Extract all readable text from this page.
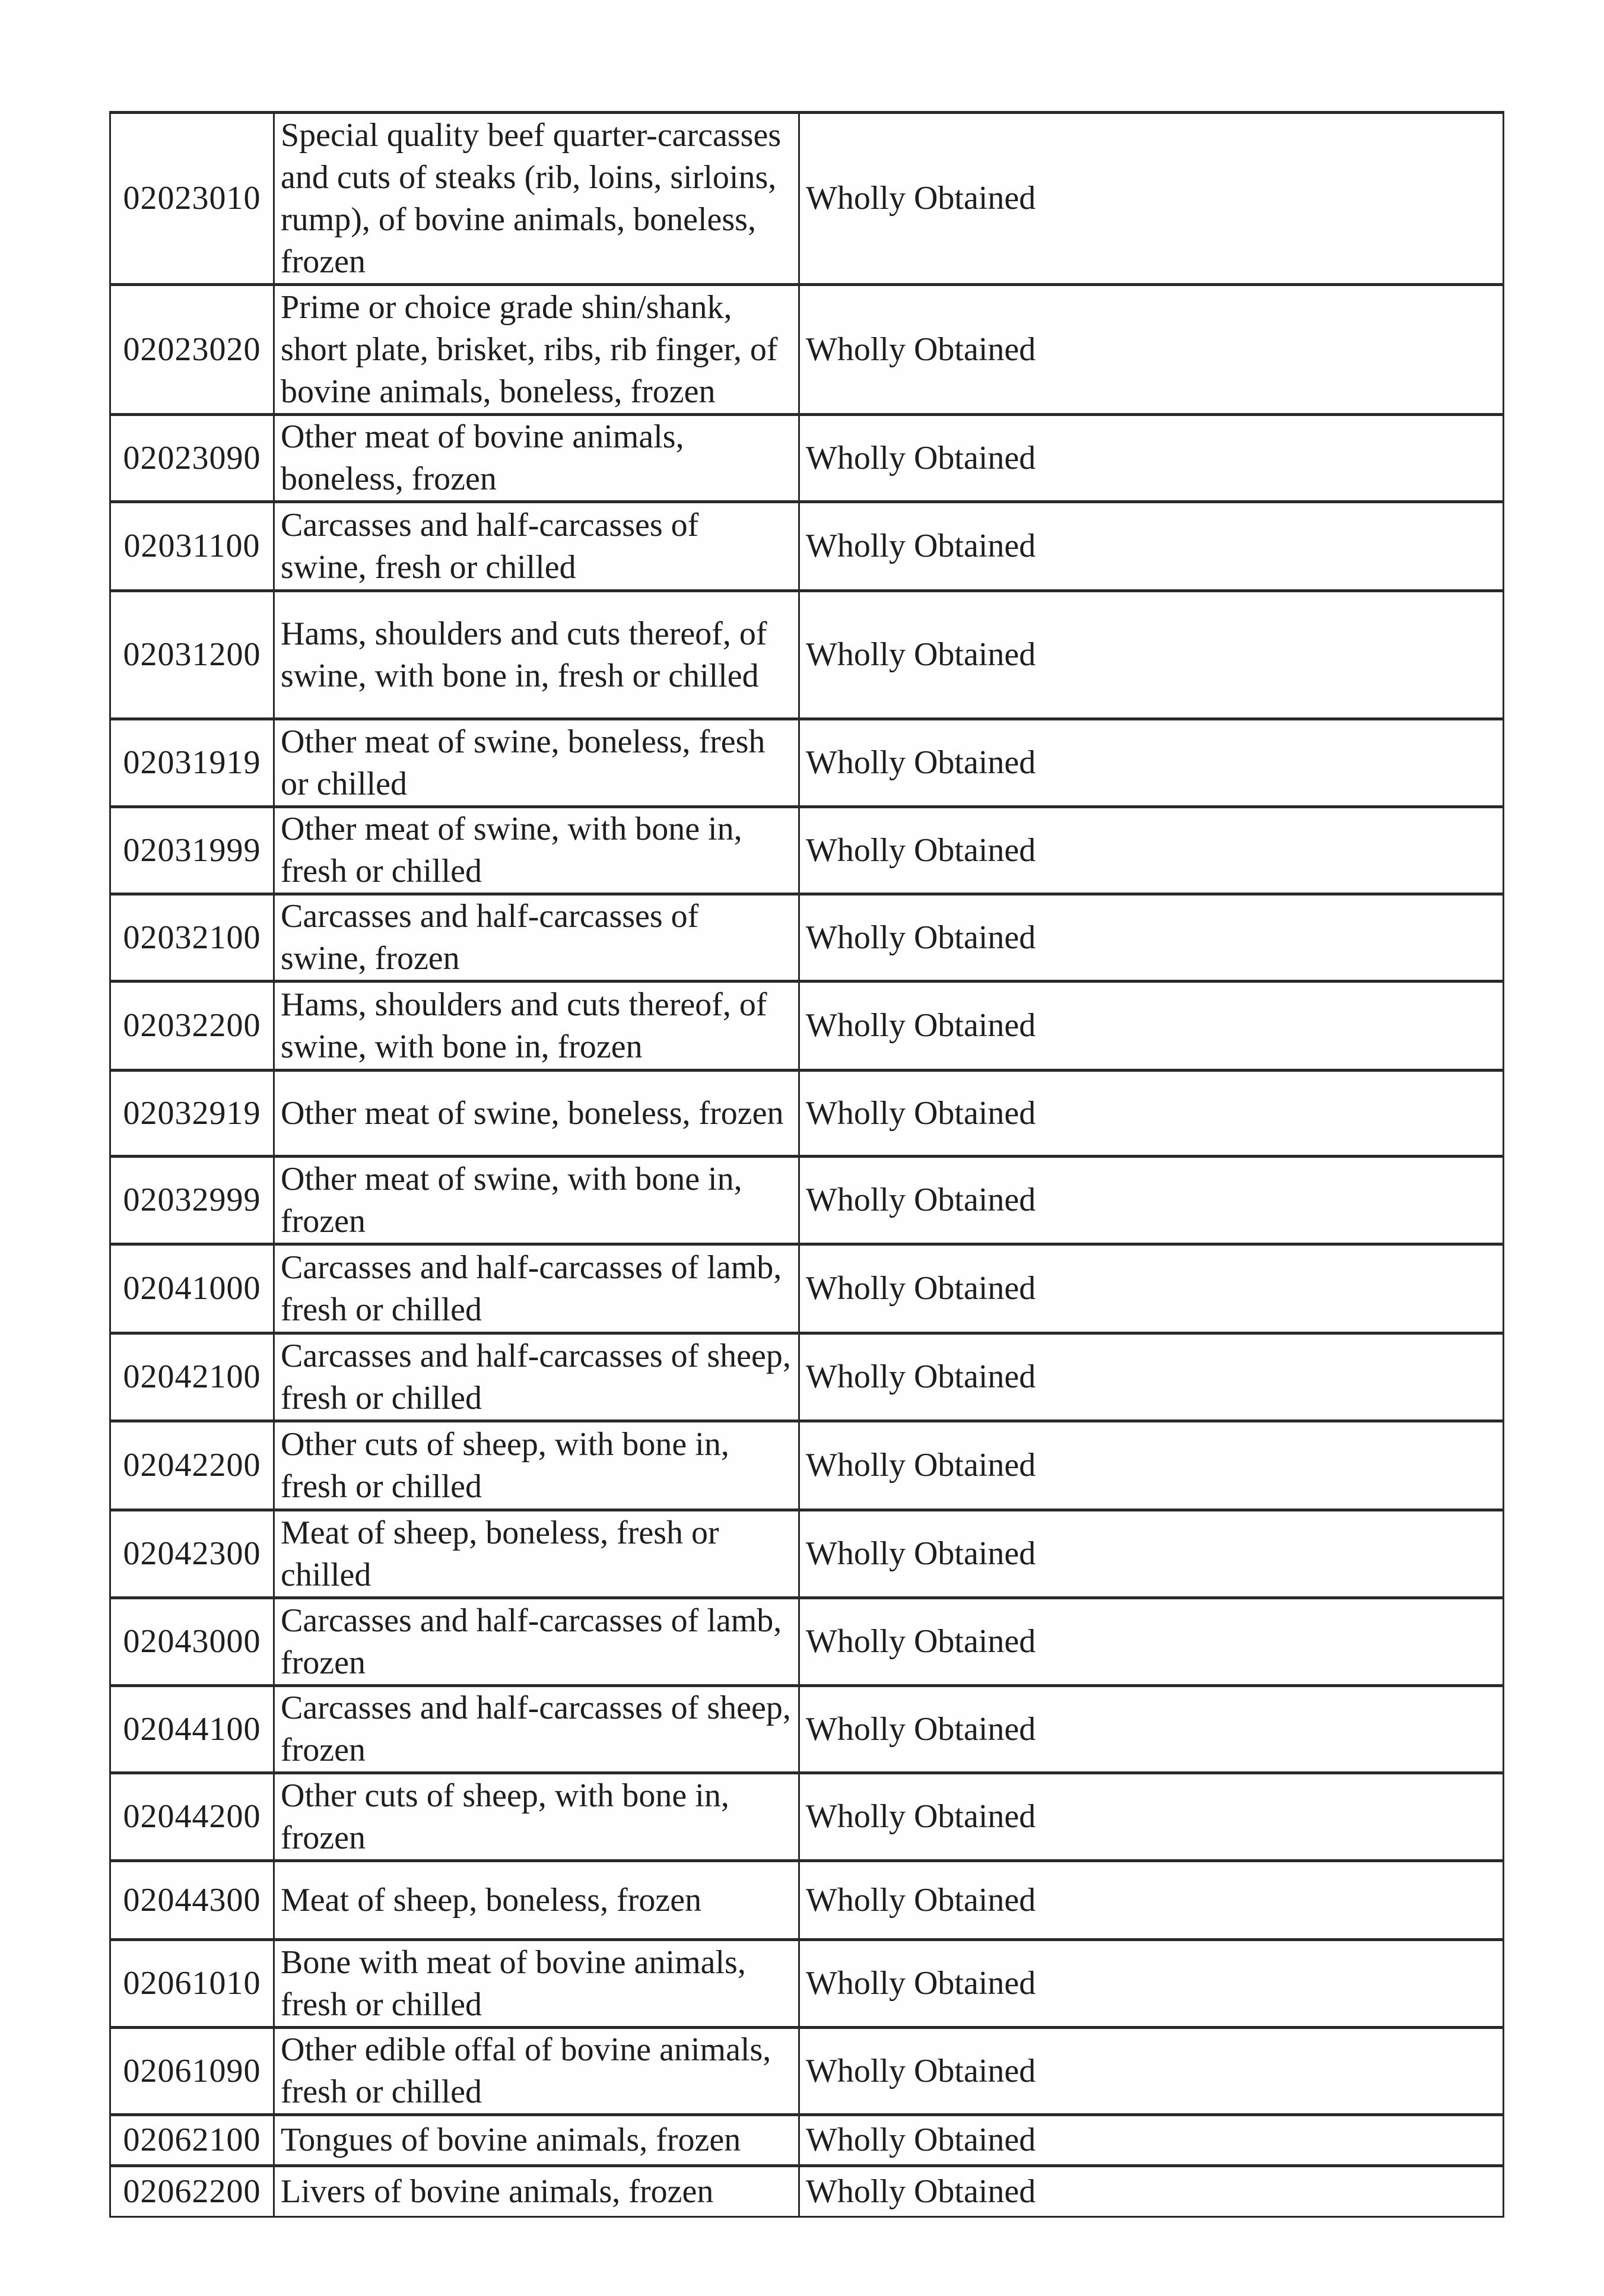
02023010	Special quality beef quarter-carcasses and cuts of steaks (rib, loins, sirloins, rump), of bovine animals, boneless, frozen	Wholly Obtained
02023020	Prime or choice grade shin/shank, short plate, brisket, ribs, rib finger, of bovine animals, boneless, frozen	Wholly Obtained
02023090	Other meat of bovine animals, boneless, frozen	Wholly Obtained
02031100	Carcasses and half-carcasses of swine, fresh or chilled	Wholly Obtained
02031200	Hams, shoulders and cuts thereof, of swine, with bone in, fresh or chilled	Wholly Obtained
02031919	Other meat of swine, boneless, fresh or chilled	Wholly Obtained
02031999	Other meat of swine, with bone in, fresh or chilled	Wholly Obtained
02032100	Carcasses and half-carcasses of swine, frozen	Wholly Obtained
02032200	Hams, shoulders and cuts thereof, of swine, with bone in, frozen	Wholly Obtained
02032919	Other meat of swine, boneless, frozen	Wholly Obtained
02032999	Other meat of swine, with bone in, frozen	Wholly Obtained
02041000	Carcasses and half-carcasses of lamb, fresh or chilled	Wholly Obtained
02042100	Carcasses and half-carcasses of sheep, fresh or chilled	Wholly Obtained
02042200	Other cuts of sheep, with bone in, fresh or chilled	Wholly Obtained
02042300	Meat of sheep, boneless, fresh or chilled	Wholly Obtained
02043000	Carcasses and half-carcasses of lamb, frozen	Wholly Obtained
02044100	Carcasses and half-carcasses of sheep, frozen	Wholly Obtained
02044200	Other cuts of sheep, with bone in, frozen	Wholly Obtained
02044300	Meat of sheep, boneless, frozen	Wholly Obtained
02061010	Bone with meat of bovine animals, fresh or chilled	Wholly Obtained
02061090	Other edible offal of bovine animals, fresh or chilled	Wholly Obtained
02062100	Tongues of bovine animals, frozen	Wholly Obtained
02062200	Livers of bovine animals, frozen	Wholly Obtained
